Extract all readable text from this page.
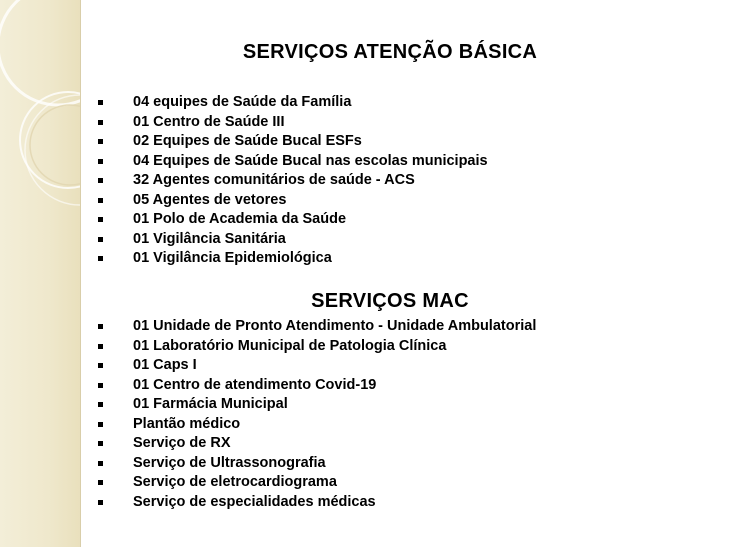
SERVIÇOS ATENÇÃO BÁSICA
04 equipes de Saúde da Família
01 Centro de Saúde III
02 Equipes de Saúde Bucal ESFs
04 Equipes de Saúde Bucal nas escolas municipais
32 Agentes comunitários de saúde - ACS
05 Agentes de vetores
01 Polo de Academia da Saúde
01 Vigilância Sanitária
01 Vigilância Epidemiológica
SERVIÇOS MAC
01 Unidade de Pronto Atendimento - Unidade Ambulatorial
01 Laboratório Municipal de Patologia Clínica
01 Caps I
01 Centro de atendimento Covid-19
01 Farmácia Municipal
Plantão médico
Serviço de RX
Serviço de Ultrassonografia
Serviço de eletrocardiograma
Serviço de especialidades médicas
